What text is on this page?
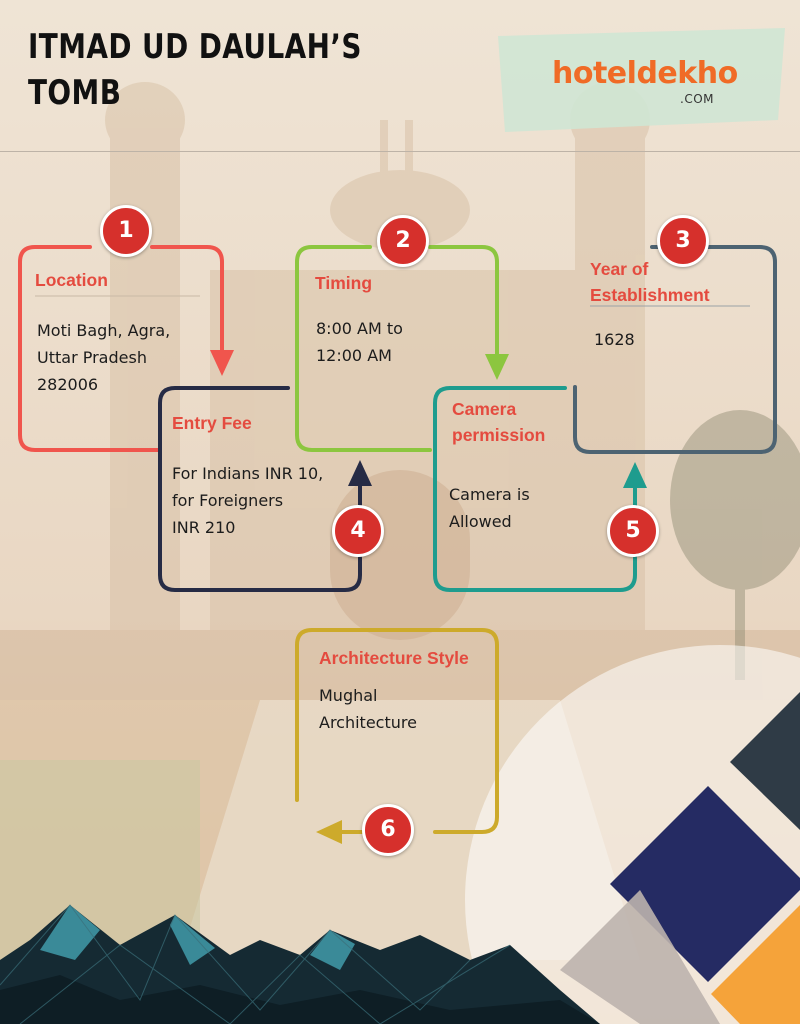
ITMAD UD DAULAH’S
TOMB	hoteldekho
.COM
Location
Moti Bagh, Agra,
Uttar Pradesh
282006
1
Timing
8:00 AM to
12:00 AM
2
Year of
Establishment
1628
3
Entry Fee
For Indians INR 10,
for Foreigners
INR 210	4
Camera
permission
Camera is
Allowed	5
Architecture Style
Mughal
Architecture
6
